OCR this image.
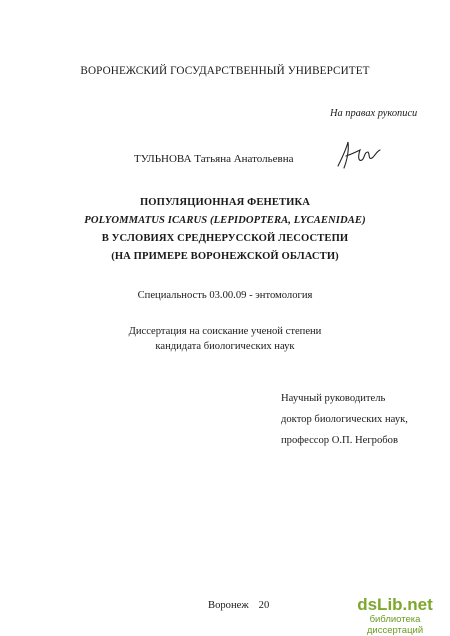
ВОРОНЕЖСКИЙ ГОСУДАРСТВЕННЫЙ УНИВЕРСИТЕТ
На правах рукописи
ТУЛЬНОВА Татьяна Анатольевна
ПОПУЛЯЦИОННАЯ ФЕНЕТИКА
POLYOMMATUS ICARUS (LEPIDOPTERA, LYCAENIDAE)
В УСЛОВИЯХ СРЕДНЕРУССКОЙ ЛЕСОСТЕПИ
(НА ПРИМЕРЕ ВОРОНЕЖСКОЙ ОБЛАСТИ)
Специальность 03.00.09 - энтомология
Диссертация на соискание ученой степени
кандидата биологических наук
Научный руководитель
доктор биологических наук,
профессор О.П. Негробов
Воронеж 20	dsLib.net
библиотека диссертаций
